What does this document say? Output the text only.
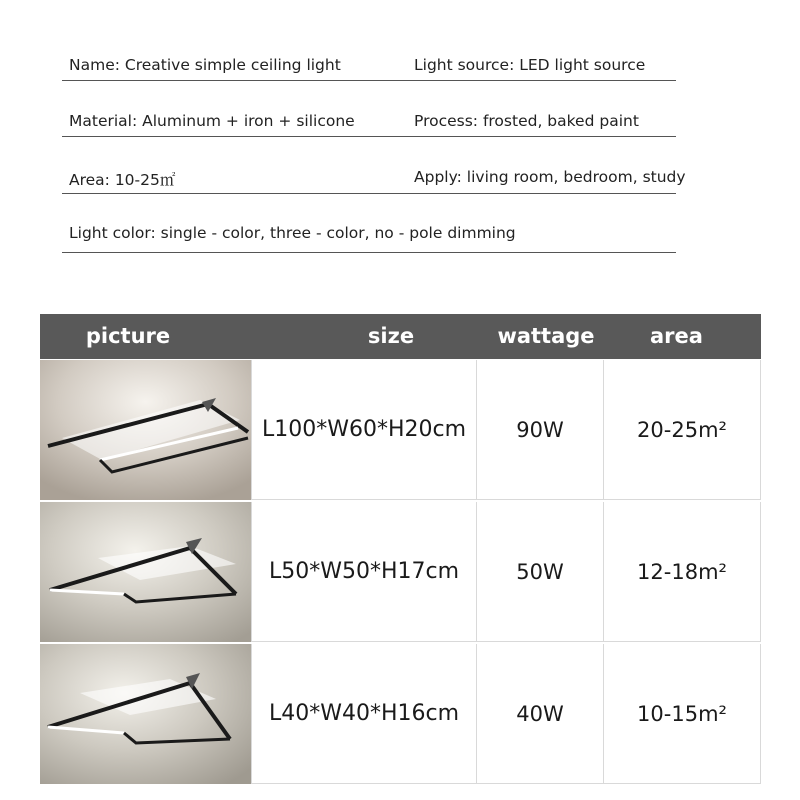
Name: Creative simple ceiling light	Light source: LED light source
Material: Aluminum + iron + silicone	Process: frosted, baked paint
Area: 10-25㎡	Apply: living room, bedroom, study
Light color: single - color, three - color, no - pole dimming
picture	size	wattage	area
L100*W60*H20cm 90W	20-25m²
L50*W50*H17cm	50W	12-18m²
L40*W40*H16cm	40W	10-15m²
